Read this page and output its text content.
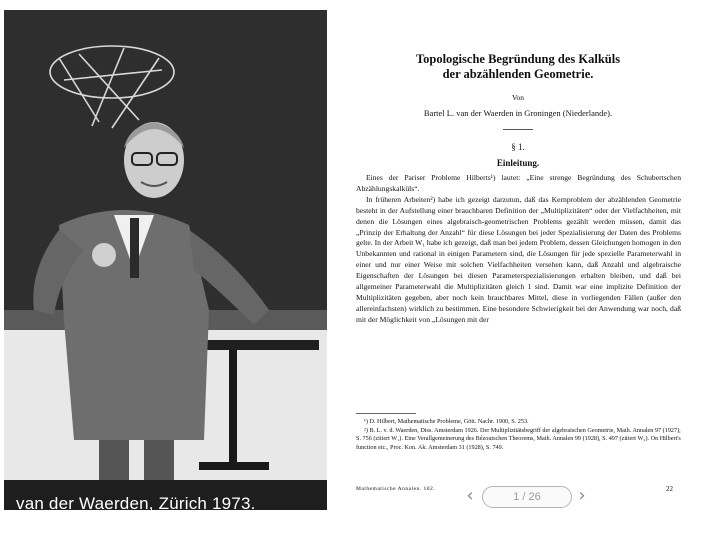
van der Waerden, Zürich 1973.
Topologische Begründung des Kalküls
der abzählenden Geometrie.
Von
Bartel L. van der Waerden in Groningen (Niederlande).
§ 1.
Einleitung.

Eines der Pariser Probleme Hilberts¹) lautet: „Eine strenge Begründung des Schubertschen Abzählungskalküls“.

In früheren Arbeiten²) habe ich gezeigt darzutun, daß das Kernproblem der abzählenden Geometrie besteht in der Aufstellung einer brauchbaren Definition der „Multiplizitäten“ oder der Vielfachheiten, mit denen die Lösungen eines algebraisch-geometrischen Problems gezählt werden müssen, damit das „Prinzip der Erhaltung der Anzahl“ für diese Lösungen bei jeder Spezialisierung der Daten des Problems gelte. In der Arbeit W₁ habe ich gezeigt, daß man bei jedem Problem, dessen Gleichungen homogen in den Unbekannten und rational in einigen Parametern sind, die Lösungen für jede spezielle Parameterwahl in einer und nur einer Weise mit solchen Vielfachheiten versehen kann, daß Anzahl und algebraische Eigenschaften der Lösungen bei diesen Parameterspezialisierungen erhalten bleiben, und daß bei allgemeiner Parameterwahl die Multiplizitäten gleich 1 sind. Damit war eine implizite Definition der Multiplizitäten gegeben, aber noch kein brauchbares Mittel, diese in vorliegenden Fällen (außer den allereinfachsten) wirklich zu bestimmen. Eine besondere Schwierigkeit bei der Anwendung war noch, daß mit der Möglichkeit von „Lösungen mit der

¹) D. Hilbert, Mathematische Probleme, Gött. Nachr. 1900, S. 253.

²) B. L. v. d. Waerden, Diss. Amsterdam 1926. Der Multiplizitätsbegriff der algebraischen Geometrie, Math. Annalen 97 (1927), S. 756 (zitiert W₁). Eine Verallgemeinerung des Bézoutschen Theorems, Math. Annalen 99 (1928), S. 497 (zitiert W₂). On Hilbert's function etc., Proc. Kon. Ak. Amsterdam 31 (1928), S. 749.

Mathematische Annalen. 102.	22
‹	1 / 26	›
